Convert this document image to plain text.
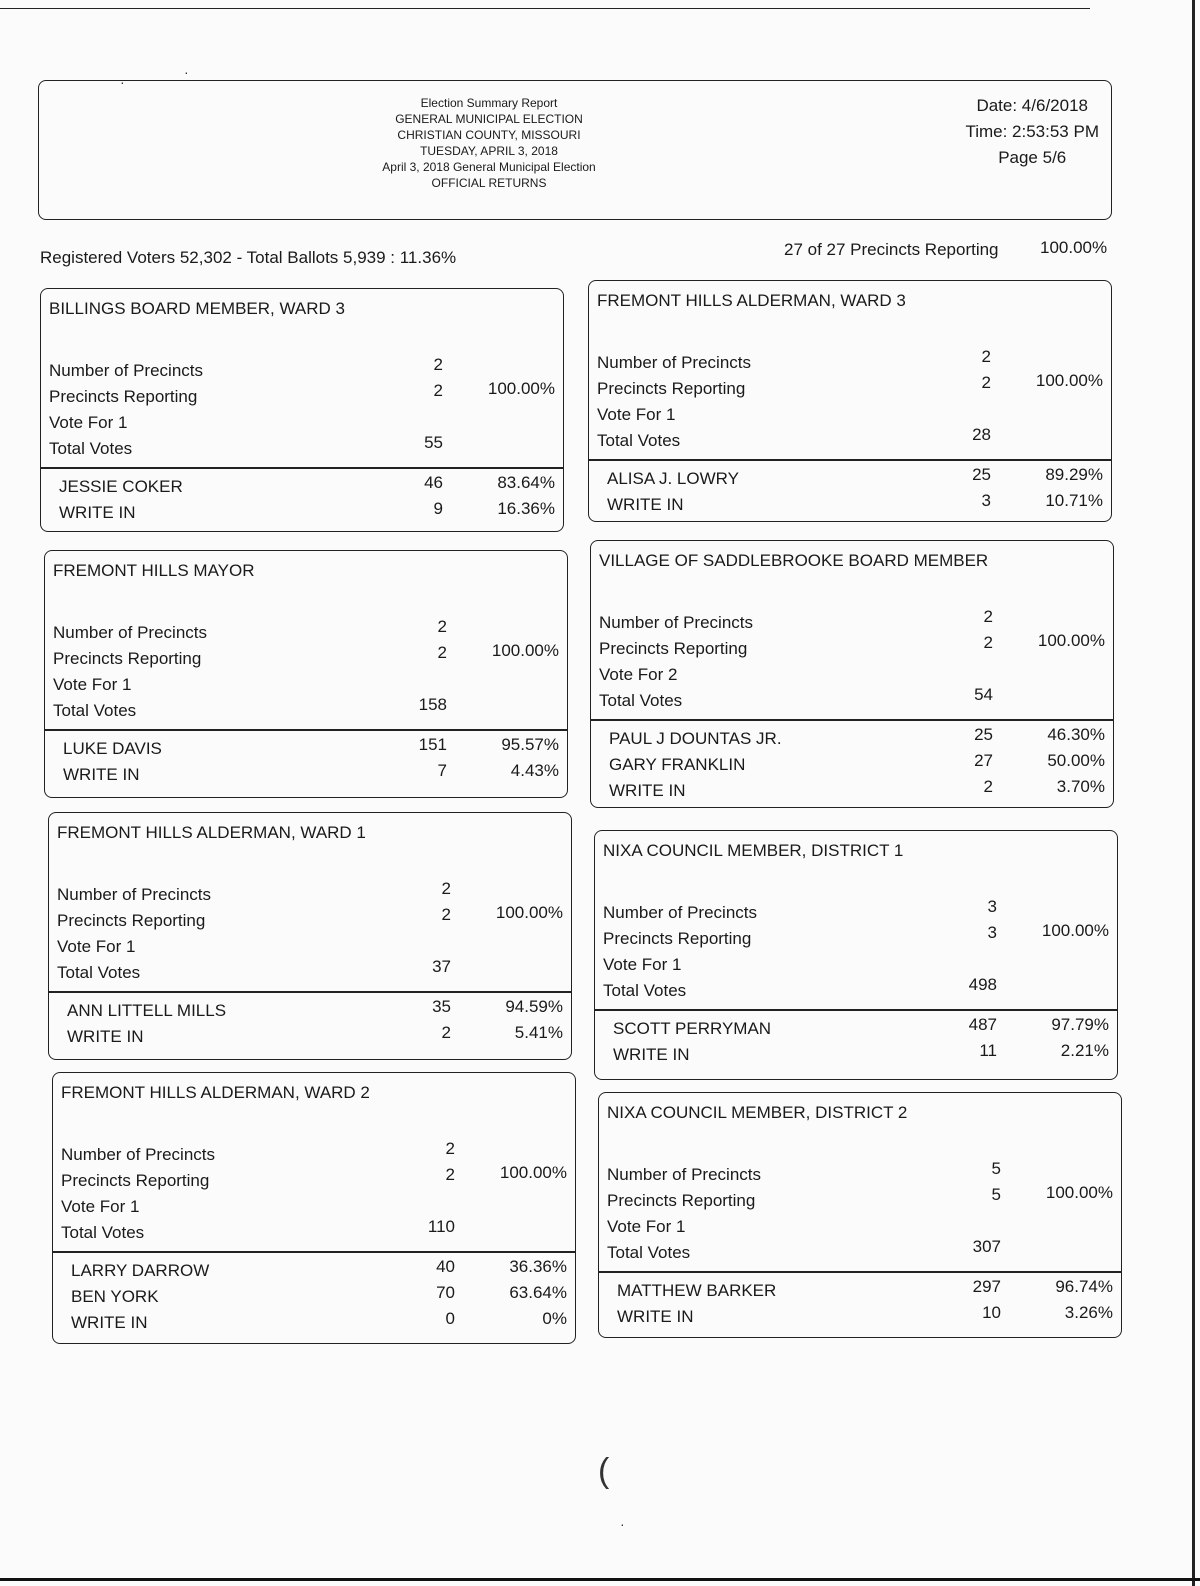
Election Summary Report
GENERAL MUNICIPAL ELECTION
CHRISTIAN COUNTY, MISSOURI
TUESDAY, APRIL 3, 2018
April 3, 2018 General Municipal Election
OFFICIAL RETURNS
Date: 4/6/2018
Time: 2:53:53 PM
Page 5/6
Registered Voters 52,302 - Total Ballots 5,939 : 11.36%	27 of 27 Precincts Reporting 100.00%
BILLINGS BOARD MEMBER, WARD 3
Number of Precincts	2
Precincts Reporting	2	100.00%
Vote For 1
Total Votes	55
JESSIE COKER	46	83.64%
WRITE IN	9	16.36%
FREMONT HILLS MAYOR
Number of Precincts	2
Precincts Reporting	2	100.00%
Vote For 1
Total Votes	158
LUKE DAVIS	151	95.57%
WRITE IN	7	4.43%
FREMONT HILLS ALDERMAN, WARD 1
Number of Precincts	2
Precincts Reporting	2	100.00%
Vote For 1
Total Votes	37
ANN LITTELL MILLS	35	94.59%
WRITE IN	2	5.41%
FREMONT HILLS ALDERMAN, WARD 2
Number of Precincts	2
Precincts Reporting	2	100.00%
Vote For 1
Total Votes	110
LARRY DARROW	40	36.36%
BEN YORK	70	63.64%
WRITE IN	0	0%
FREMONT HILLS ALDERMAN, WARD 3
Number of Precincts	2
Precincts Reporting	2	100.00%
Vote For 1
Total Votes	28
ALISA J. LOWRY	25	89.29%
WRITE IN	3	10.71%
VILLAGE OF SADDLEBROOKE BOARD MEMBER
Number of Precincts	2
Precincts Reporting	2	100.00%
Vote For 2
Total Votes	54
PAUL J DOUNTAS JR.	25	46.30%
GARY FRANKLIN	27	50.00%
WRITE IN	2	3.70%
NIXA COUNCIL MEMBER, DISTRICT 1
Number of Precincts	3
Precincts Reporting	3	100.00%
Vote For 1
Total Votes	498
SCOTT PERRYMAN	487	97.79%
WRITE IN	11	2.21%
NIXA COUNCIL MEMBER, DISTRICT 2
Number of Precincts	5
Precincts Reporting	5	100.00%
Vote For 1
Total Votes	307
MATTHEW BARKER	297	96.74%
WRITE IN	10	3.26%
·
·
(
·
